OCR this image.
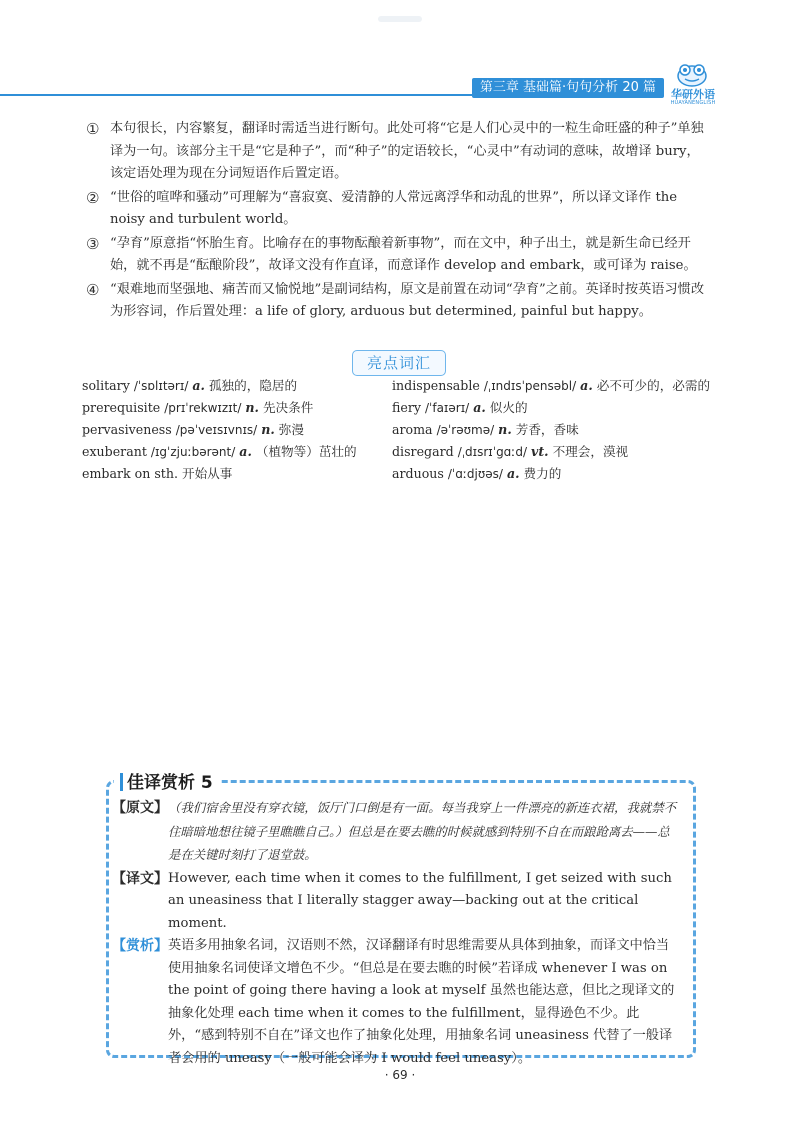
第三章 基础篇·句句分析 20 篇	华研外语
HUAYANENGLISH
① 本句很长，内容繁复，翻译时需适当进行断句。此处可将“它是人们心灵中的一粒生命旺盛的种子”单独译为一句。该部分主干是“它是种子”，而“种子”的定语较长，“心灵中”有动词的意味，故增译 bury，该定语处理为现在分词短语作后置定语。
② “世俗的喧哗和骚动”可理解为“喜寂寞、爱清静的人常远离浮华和动乱的世界”，所以译文译作 the noisy and turbulent world。
③ “孕育”原意指“怀胎生育。比喻存在的事物酝酿着新事物”，而在文中，种子出土，就是新生命已经开始，就不再是“酝酿阶段”，故译文没有作直译，而意译作 develop and embark，或可译为 raise。
④ “艰难地而坚强地、痛苦而又愉悦地”是副词结构，原文是前置在动词“孕育”之前。英译时按英语习惯改为形容词，作后置处理：a life of glory, arduous but determined, painful but happy。
亮点词汇
solitary /ˈsɒlɪtərɪ/ a. 孤独的，隐居的
prerequisite /prɪˈrekwɪzɪt/ n. 先决条件
pervasiveness /pəˈveɪsɪvnɪs/ n. 弥漫
exuberant /ɪgˈzjuːbərənt/ a. （植物等）茁壮的
embark on sth. 开始从事
indispensable /ˌɪndɪsˈpensəbl/ a. 必不可少的，必需的
fiery /ˈfaɪərɪ/ a. 似火的
aroma /əˈrəʊmə/ n. 芳香，香味
disregard /ˌdɪsrɪˈgɑːd/ vt. 不理会，漠视
arduous /ˈɑːdjʊəs/ a. 费力的
佳译赏析 5
【原文】 （我们宿舍里没有穿衣镜，饭厅门口倒是有一面。每当我穿上一件漂亮的新连衣裙，我就禁不住暗暗地想往镜子里瞧瞧自己。）但总是在要去瞧的时候就感到特别不自在而踉跄离去——总是在关键时刻打了退堂鼓。
【译文】 However, each time when it comes to the fulfillment, I get seized with such an uneasiness that I literally stagger away—backing out at the critical moment.
【赏析】 英语多用抽象名词，汉语则不然，汉译翻译有时思维需要从具体到抽象，而译文中恰当使用抽象名词使译文增色不少。“但总是在要去瞧的时候”若译成 whenever I was on the point of going there having a look at myself 虽然也能达意，但比之现译文的抽象化处理 each time when it comes to the fulfillment，显得逊色不少。此外，“感到特别不自在”译文也作了抽象化处理，用抽象名词 uneasiness 代替了一般译者会用的 uneasy（一般可能会译为 I would feel uneasy）。
· 69 ·
